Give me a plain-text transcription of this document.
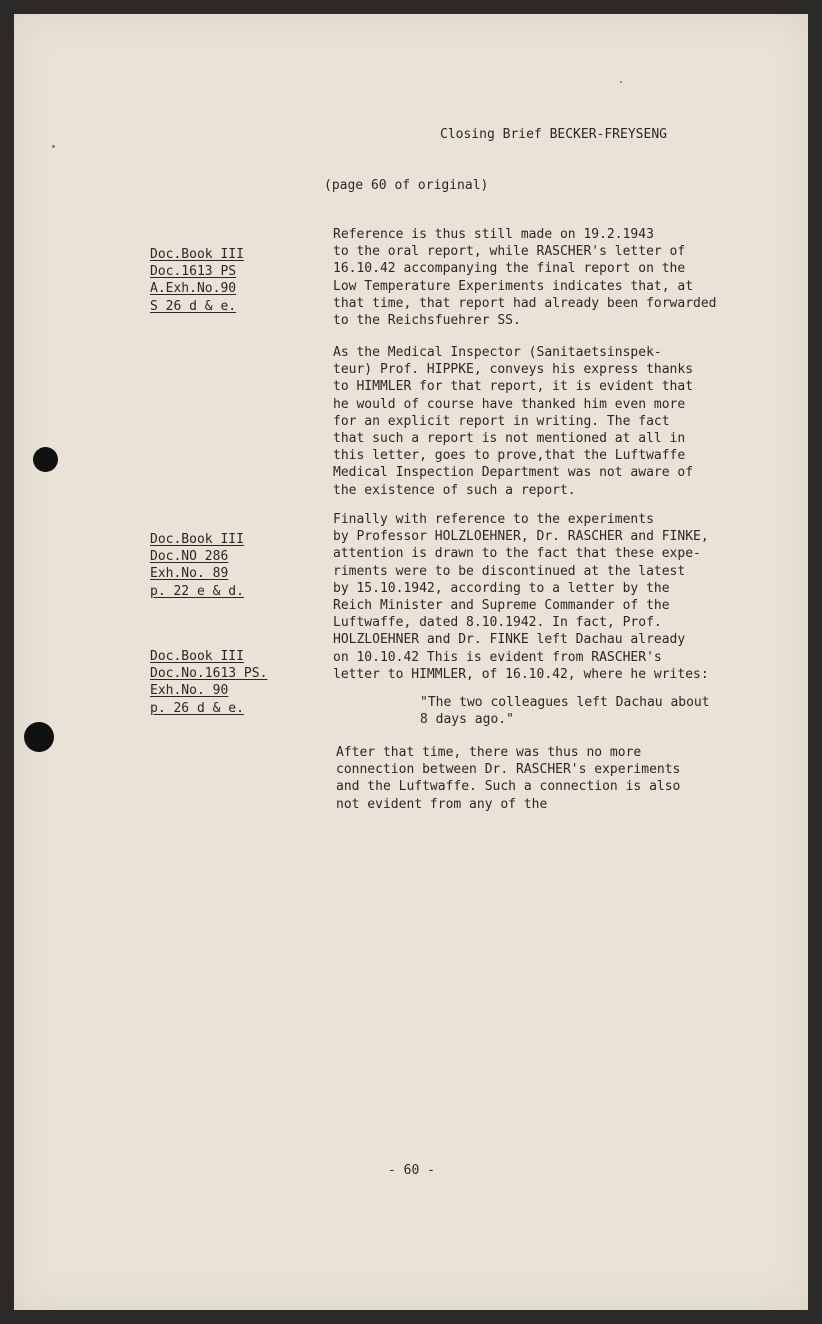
Closing Brief BECKER-FREYSENG
(page 60 of original)
Doc.Book III
Doc.1613 PS
A.Exh.No.90
S 26 d & e.
Doc.Book III
Doc.NO 286
Exh.No. 89
p. 22 e & d.
Doc.Book III
Doc.No.1613 PS.
Exh.No. 90
p. 26 d & e.
Reference is thus still made on 19.2.1943
to the oral report, while RASCHER's letter of
16.10.42 accompanying the final report on the
Low Temperature Experiments indicates that, at
that time, that report had already been forwarded
to the Reichsfuehrer SS.
As the Medical Inspector (Sanitaetsinspek-
teur) Prof. HIPPKE, conveys his express thanks
to HIMMLER for that report, it is evident that
he would of course have thanked him even more
for an explicit report in writing. The fact
that such a report is not mentioned at all in
this letter, goes to prove,that the Luftwaffe
Medical Inspection Department was not aware of
the existence of such a report.
Finally with reference to the experiments
by Professor HOLZLOEHNER, Dr. RASCHER and FINKE,
attention is drawn to the fact that these expe-
riments were to be discontinued at the latest
by 15.10.1942, according to a letter by the
Reich Minister and Supreme Commander of the
Luftwaffe, dated 8.10.1942. In fact, Prof.
HOLZLOEHNER and Dr. FINKE left Dachau already
on 10.10.42 This is evident from RASCHER's
letter to HIMMLER, of 16.10.42, where he writes:
"The two colleagues left Dachau about
8 days ago."
After that time, there was thus no more
connection between Dr. RASCHER's experiments
and the Luftwaffe. Such a connection is also
not evident from any of the
- 60 -
